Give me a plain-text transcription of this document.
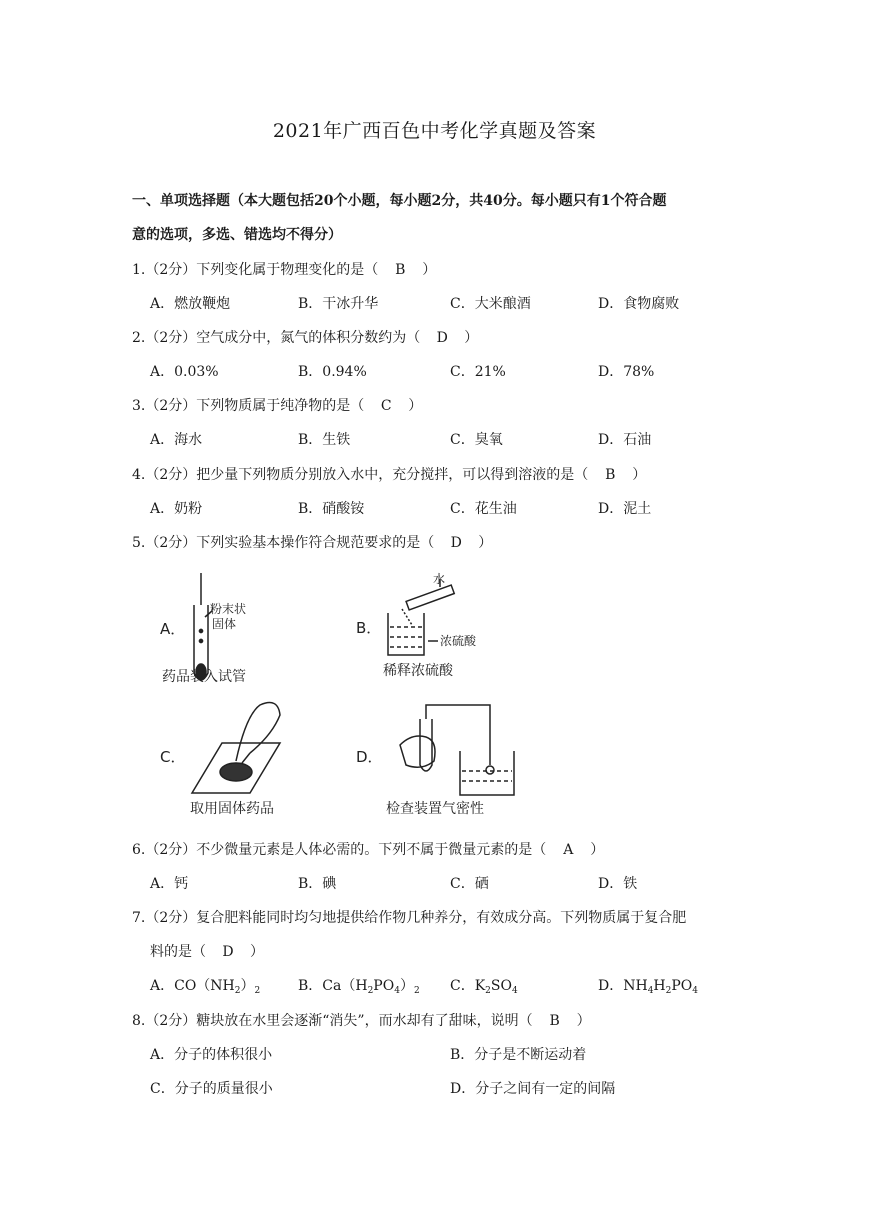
2021年广西百色中考化学真题及答案
一、单项选择题（本大题包括20个小题，每小题2分，共40分。每小题只有1个符合题
意的选项，多选、错选均不得分）
1.（2分）下列变化属于物理变化的是（ B ）
A．燃放鞭炮	B．干冰升华	C．大米酿酒	D．食物腐败
2.（2分）空气成分中，氮气的体积分数约为（ D ）
A．0.03%	B．0.94%	C．21%	D．78%
3.（2分）下列物质属于纯净物的是（ C ）
A．海水	B．生铁	C．臭氧	D．石油
4.（2分）把少量下列物质分别放入水中，充分搅拌，可以得到溶液的是（ B ）
A．奶粉	B．硝酸铵	C．花生油	D．泥土
5.（2分）下列实验基本操作符合规范要求的是（ D ）
A．
粉末状
固体
药品装入试管
B．
水
浓硫酸
稀释浓硫酸
C．
取用固体药品
D．
检查装置气密性
6.（2分）不少微量元素是人体必需的。下列不属于微量元素的是（ A ）
A．钙	B．碘	C．硒	D．铁
7.（2分）复合肥料能同时均匀地提供给作物几种养分，有效成分高。下列物质属于复合肥
料的是（ D ）
A．$CO(NH_2)_2$	B．$Ca(H_2PO_4)_2$ C．$K_2SO_4$	D．$NH_4H_2PO_4$
8.（2分）糖块放在水里会逐渐“消失”，而水却有了甜味，说明（ B ）
A．分子的体积很小	B．分子是不断运动着
C．分子的质量很小	D．分子之间有一定的间隔
